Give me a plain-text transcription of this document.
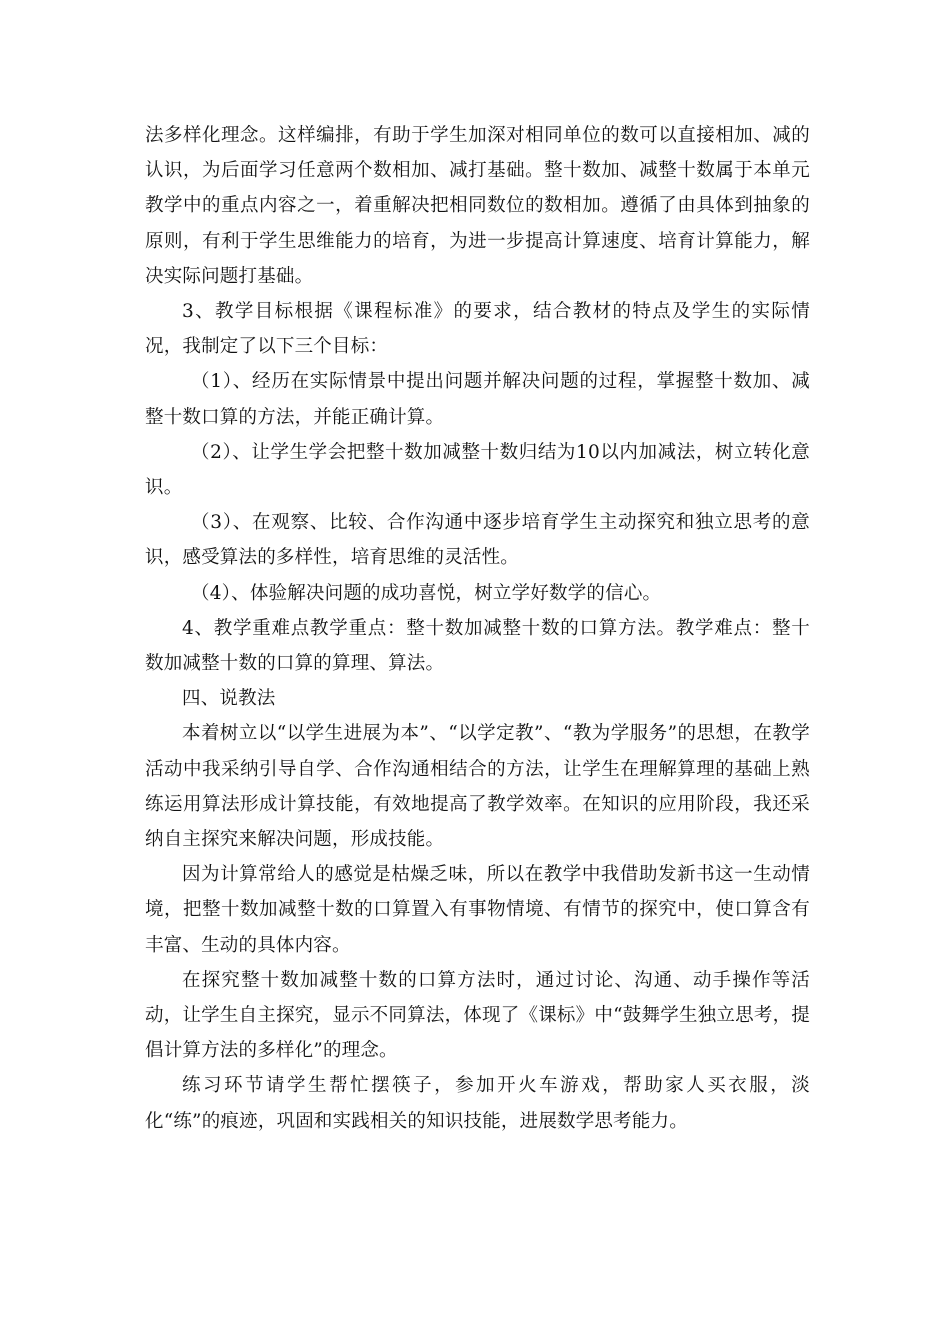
法多样化理念。这样编排，有助于学生加深对相同单位的数可以直接相加、减的认识，为后面学习任意两个数相加、减打基础。整十数加、减整十数属于本单元教学中的重点内容之一，着重解决把相同数位的数相加。遵循了由具体到抽象的原则，有利于学生思维能力的培育，为进一步提高计算速度、培育计算能力，解决实际问题打基础。

3、教学目标根据《课程标准》的要求，结合教材的特点及学生的实际情况，我制定了以下三个目标：

（1）、经历在实际情景中提出问题并解决问题的过程，掌握整十数加、减整十数口算的方法，并能正确计算。

（2）、让学生学会把整十数加减整十数归结为10以内加减法，树立转化意识。

（3）、在观察、比较、合作沟通中逐步培育学生主动探究和独立思考的意识，感受算法的多样性，培育思维的灵活性。

（4）、体验解决问题的成功喜悦，树立学好数学的信心。

4、教学重难点教学重点：整十数加减整十数的口算方法。教学难点：整十数加减整十数的口算的算理、算法。

四、说教法

本着树立以“以学生进展为本”、“以学定教”、“教为学服务”的思想，在教学活动中我采纳引导自学、合作沟通相结合的方法，让学生在理解算理的基础上熟练运用算法形成计算技能，有效地提高了教学效率。在知识的应用阶段，我还采纳自主探究来解决问题，形成技能。

因为计算常给人的感觉是枯燥乏味，所以在教学中我借助发新书这一生动情境，把整十数加减整十数的口算置入有事物情境、有情节的探究中，使口算含有丰富、生动的具体内容。

在探究整十数加减整十数的口算方法时，通过讨论、沟通、动手操作等活动，让学生自主探究，显示不同算法，体现了《课标》中“鼓舞学生独立思考，提倡计算方法的多样化”的理念。

练习环节请学生帮忙摆筷子，参加开火车游戏，帮助家人买衣服，淡化“练”的痕迹，巩固和实践相关的知识技能，进展数学思考能力。
